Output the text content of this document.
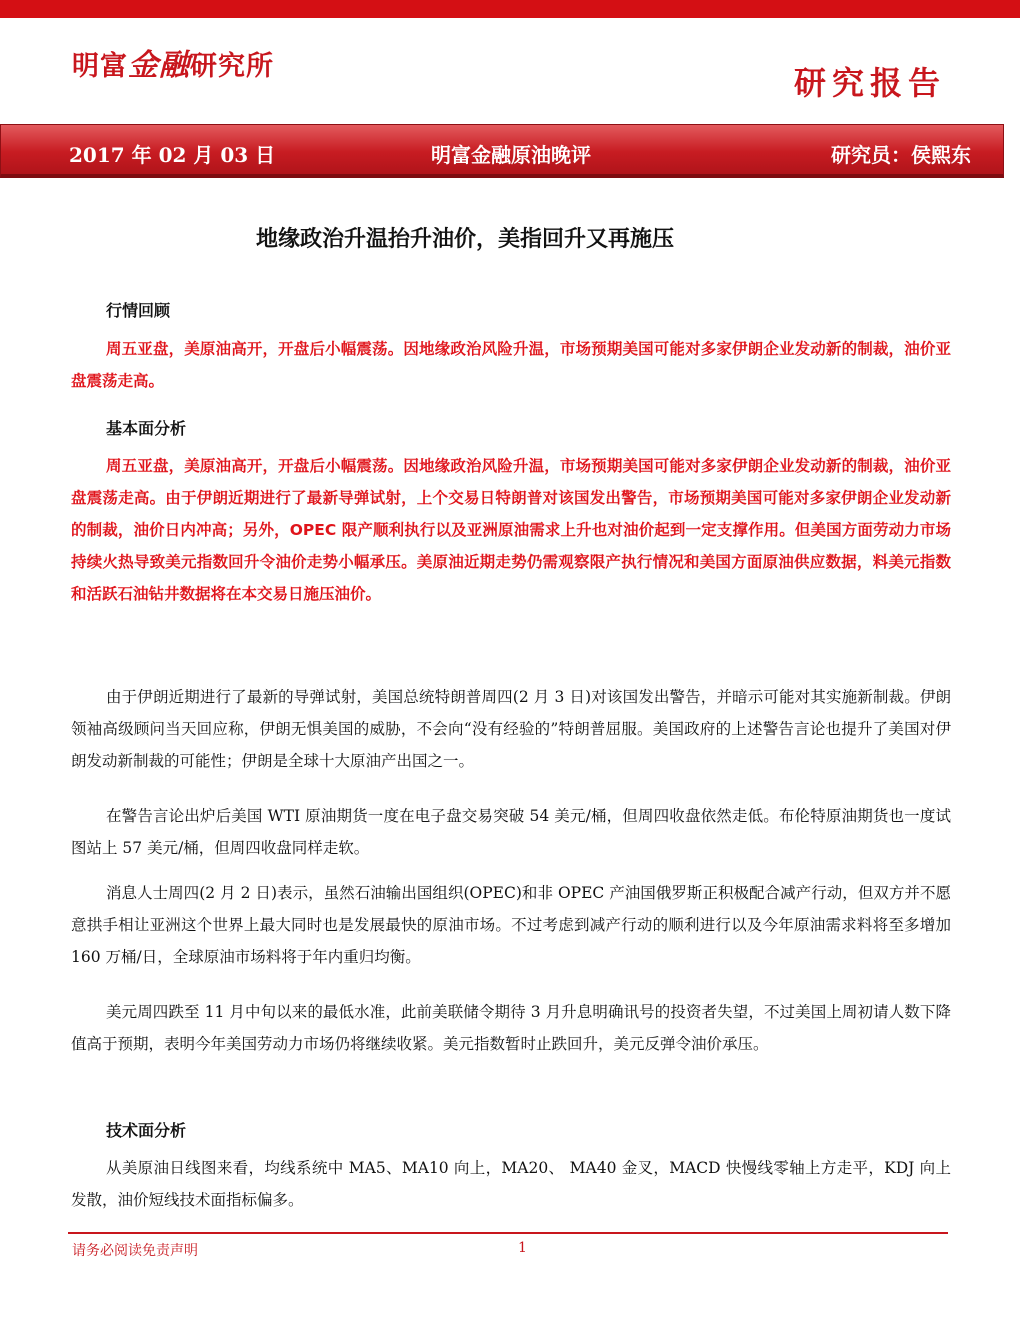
明富金融研究所	研究报告
2017 年 02 月 03 日	明富金融原油晚评	研究员：侯熙东
地缘政治升温抬升油价，美指回升又再施压
行情回顾
周五亚盘，美原油高开，开盘后小幅震荡。因地缘政治风险升温，市场预期美国可能对多家伊朗企业发动新的制裁，油价亚盘震荡走高。
基本面分析
周五亚盘，美原油高开，开盘后小幅震荡。因地缘政治风险升温，市场预期美国可能对多家伊朗企业发动新的制裁，油价亚盘震荡走高。由于伊朗近期进行了最新导弹试射，上个交易日特朗普对该国发出警告，市场预期美国可能对多家伊朗企业发动新的制裁，油价日内冲高；另外，OPEC 限产顺利执行以及亚洲原油需求上升也对油价起到一定支撑作用。但美国方面劳动力市场持续火热导致美元指数回升令油价走势小幅承压。美原油近期走势仍需观察限产执行情况和美国方面原油供应数据，料美元指数和活跃石油钻井数据将在本交易日施压油价。
由于伊朗近期进行了最新的导弹试射，美国总统特朗普周四(2 月 3 日)对该国发出警告，并暗示可能对其实施新制裁。伊朗领袖高级顾问当天回应称，伊朗无惧美国的威胁，不会向“没有经验的”特朗普屈服。美国政府的上述警告言论也提升了美国对伊朗发动新制裁的可能性；伊朗是全球十大原油产出国之一。
在警告言论出炉后美国 WTI 原油期货一度在电子盘交易突破 54 美元/桶，但周四收盘依然走低。布伦特原油期货也一度试图站上 57 美元/桶，但周四收盘同样走软。
消息人士周四(2 月 2 日)表示，虽然石油输出国组织(OPEC)和非 OPEC 产油国俄罗斯正积极配合减产行动，但双方并不愿意拱手相让亚洲这个世界上最大同时也是发展最快的原油市场。不过考虑到减产行动的顺利进行以及今年原油需求料将至多增加 160 万桶/日，全球原油市场料将于年内重归均衡。
美元周四跌至 11 月中旬以来的最低水准，此前美联储令期待 3 月升息明确讯号的投资者失望，不过美国上周初请人数下降值高于预期，表明今年美国劳动力市场仍将继续收紧。美元指数暂时止跌回升，美元反弹令油价承压。
技术面分析
从美原油日线图来看，均线系统中 MA5、MA10 向上，MA20、 MA40 金叉，MACD 快慢线零轴上方走平，KDJ 向上发散，油价短线技术面指标偏多。
请务必阅读免责声明	1
